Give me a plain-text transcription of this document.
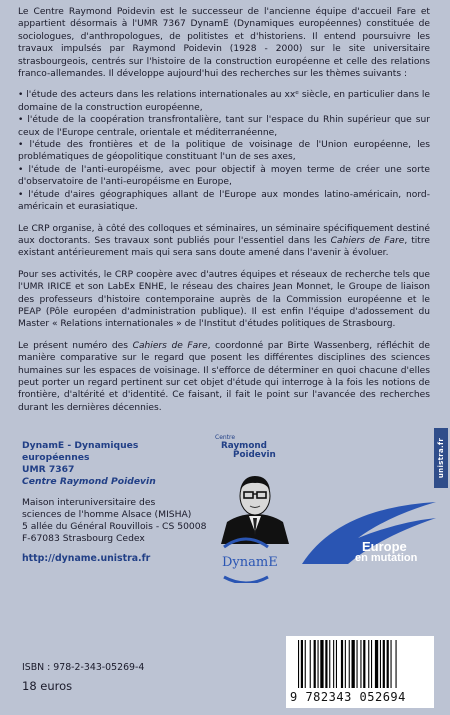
Le Centre Raymond Poidevin est le successeur de l'ancienne équipe d'accueil Fare et appartient désormais à l'UMR 7367 DynamE (Dynamiques européennes) constituée de sociologues, d'anthropologues, de politistes et d'historiens. Il entend poursuivre les travaux impulsés par Raymond Poidevin (1928 - 2000) sur le site universitaire strasbourgeois, centrés sur l'histoire de la construction européenne et celle des relations franco-allemandes. Il développe aujourd'hui des recherches sur les thèmes suivants :

• l'étude des acteurs dans les relations internationales au xxᵉ siècle, en particulier dans le domaine de la construction européenne,
• l'étude de la coopération transfrontalière, tant sur l'espace du Rhin supérieur que sur ceux de l'Europe centrale, orientale et méditerranéenne,
• l'étude des frontières et de la politique de voisinage de l'Union européenne, les problématiques de géopolitique constituant l'un de ses axes,
• l'étude de l'anti-européisme, avec pour objectif à moyen terme de créer une sorte d'observatoire de l'anti-européisme en Europe,
• l'étude d'aires géographiques allant de l'Europe aux mondes latino-américain, nord-américain et eurasiatique.

Le CRP organise, à côté des colloques et séminaires, un séminaire spécifiquement destiné aux doctorants. Ses travaux sont publiés pour l'essentiel dans les Cahiers de Fare, titre existant antérieurement mais qui sera sans doute amené dans l'avenir à évoluer.

Pour ses activités, le CRP coopère avec d'autres équipes et réseaux de recherche tels que l'UMR IRICE et son LabEx ENHE, le réseau des chaires Jean Monnet, le Groupe de liaison des professeurs d'histoire contemporaine auprès de la Commission européenne et le PEAP (Pôle européen d'administration publique). Il est enfin l'équipe d'adossement du Master « Relations internationales » de l'Institut d'études politiques de Strasbourg.

Le présent numéro des Cahiers de Fare, coordonné par Birte Wassenberg, réfléchit de manière comparative sur le regard que posent les différentes disciplines des sciences humaines sur les espaces de voisinage. Il s'efforce de déterminer en quoi chacune d'elles peut porter un regard pertinent sur cet objet d'étude qui interroge à la fois les notions de frontière, d'altérité et d'identité. Ce faisant, il fait le point sur l'avancée des recherches durant les dernières décennies.

unistra.fr
DynamE - Dynamiques européennes
UMR 7367
Centre Raymond Poidevin
Maison interuniversitaire des
sciences de l'homme Alsace (MISHA)
5 allée du Général Rouvillois - CS 50008
F-67083 Strasbourg Cedex
http://dyname.unistra.fr
Centre
Raymond
Poidevin
DynamE
Europe
en mutation
ISBN : 978-2-343-05269-4
18 euros
9 782343 052694
